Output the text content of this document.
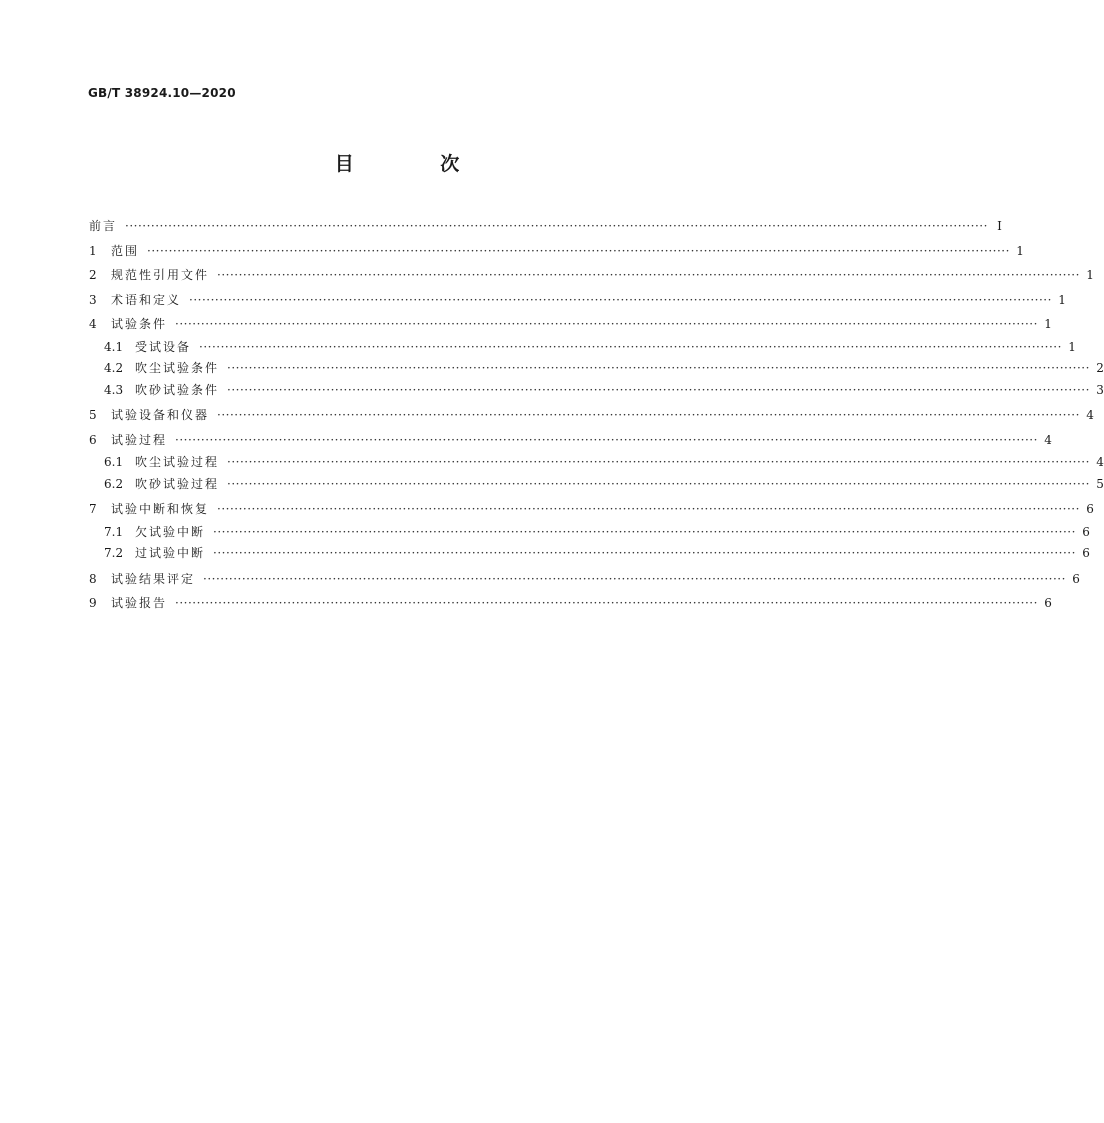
GB/T 38924.10—2020
目 次
前言 ········································································································································································································ I
1	范围 ········································································································································································································ 1
2	规范性引用文件 ········································································································································································································ 1
3	术语和定义 ········································································································································································································ 1
4	试验条件 ········································································································································································································ 1
4.1 受试设备 ········································································································································································································ 1
4.2 吹尘试验条件 ········································································································································································································ 2
4.3 吹砂试验条件 ········································································································································································································ 3
5	试验设备和仪器 ········································································································································································································ 4
6	试验过程 ········································································································································································································ 4
6.1 吹尘试验过程 ········································································································································································································ 4
6.2 吹砂试验过程 ········································································································································································································ 5
7	试验中断和恢复 ········································································································································································································ 6
7.1 欠试验中断 ········································································································································································································ 6
7.2 过试验中断 ········································································································································································································ 6
8	试验结果评定 ········································································································································································································ 6
9	试验报告 ········································································································································································································ 6
